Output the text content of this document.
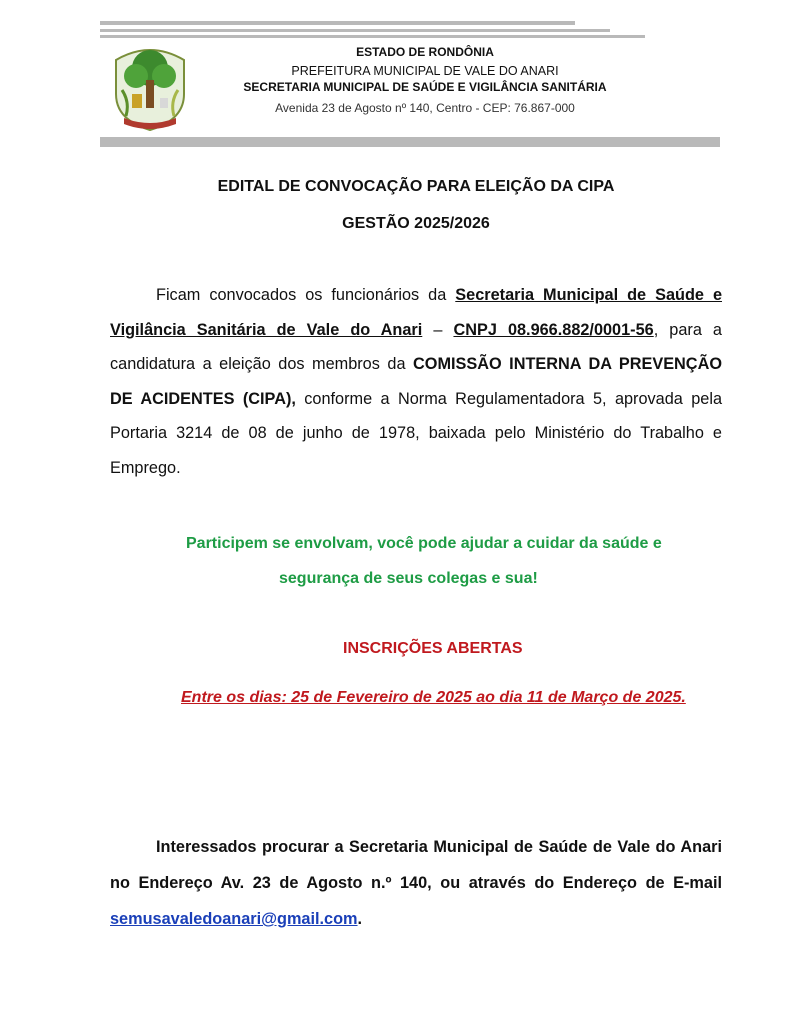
ESTADO DE RONDÔNIA
PREFEITURA MUNICIPAL DE VALE DO ANARI
SECRETARIA MUNICIPAL DE SAÚDE E VIGILÂNCIA SANITÁRIA
Avenida 23 de Agosto nº 140, Centro - CEP: 76.867-000
EDITAL DE CONVOCAÇÃO PARA ELEIÇÃO DA CIPA
GESTÃO 2025/2026
Ficam convocados os funcionários da Secretaria Municipal de Saúde e Vigilância Sanitária de Vale do Anari – CNPJ 08.966.882/0001-56, para a candidatura a eleição dos membros da COMISSÃO INTERNA DA PREVENÇÃO DE ACIDENTES (CIPA), conforme a Norma Regulamentadora 5, aprovada pela Portaria 3214 de 08 de junho de 1978, baixada pelo Ministério do Trabalho e Emprego.
Participem se envolvam, você pode ajudar a cuidar da saúde e
segurança de seus colegas e sua!
INSCRIÇÕES ABERTAS
Entre os dias: 25 de Fevereiro de 2025 ao dia 11 de Março de 2025.
Interessados procurar a Secretaria Municipal de Saúde de Vale do Anari no Endereço Av. 23 de Agosto n.º 140, ou através do Endereço de E-mail semusavaledoanari@gmail.com.
